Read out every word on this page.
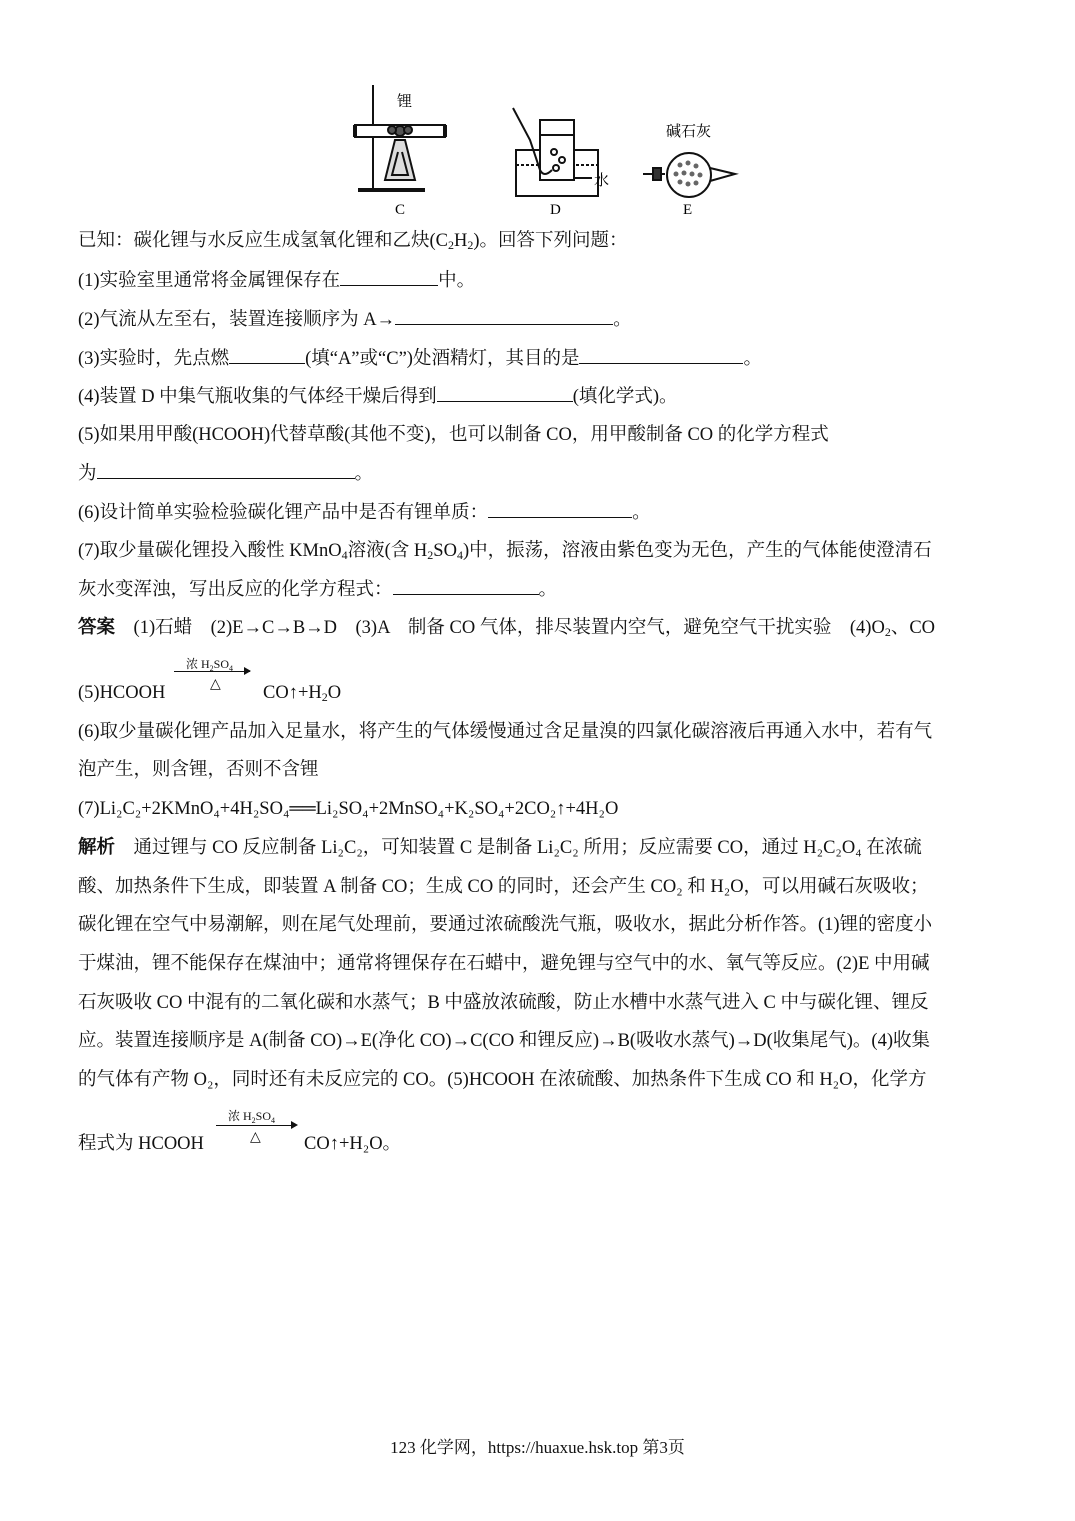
锂
C
水
D
碱石灰
E
已知：碳化锂与水反应生成氢氧化锂和乙炔$(C_2H_2)$。回答下列问题：
(1)实验室里通常将金属锂保存在	中。
(2)气流从左至右，装置连接顺序为 A→	。
(3)实验时，先点燃	(填“A”或“C”)处酒精灯，其目的是	。
(4)装置 D 中集气瓶收集的气体经干燥后得到	(填化学式)。
(5)如果用甲酸(HCOOH)代替草酸(其他不变)，也可以制备 CO，用甲酸制备 CO 的化学方程式
为	。
(6)设计简单实验检验碳化锂产品中是否有锂单质：	。
(7)取少量碳化锂投入酸性 KMnO$_4$溶液(含 $H_2SO_4$)中，振荡，溶液由紫色变为无色，产生的气体能使澄清石
灰水变浑浊，写出反应的化学方程式：	。
答案　 (1)石蜡　(2)E→C→B→D　(3)A　制备 CO 气体，排尽装置内空气，避免空气干扰实验　$(4)O_2$、CO
浓 $H_2SO_4$
△
(5)HCOOH	$CO↑+H_2O$
(6)取少量碳化锂产品加入足量水，将产生的气体缓慢通过含足量溴的四氯化碳溶液后再通入水中，若有气
泡产生，则含锂，否则不含锂
(7)Li₂C₂+2KMnO₄+4H₂SO₄══Li₂SO₄+2MnSO₄+K₂SO₄+2CO₂↑+4H₂O
解析　 通过锂与 CO 反应制备 Li₂C₂，可知装置 C 是制备 Li₂C₂ 所用；反应需要 CO，通过 H₂C₂O₄ 在浓硫
酸、加热条件下生成，即装置 A 制备 CO；生成 CO 的同时，还会产生 CO₂ 和 H₂O，可以用碱石灰吸收；
碳化锂在空气中易潮解，则在尾气处理前，要通过浓硫酸洗气瓶，吸收水，据此分析作答。(1)锂的密度小
于煤油，锂不能保存在煤油中；通常将锂保存在石蜡中，避免锂与空气中的水、氧气等反应。(2)E 中用碱
石灰吸收 CO 中混有的二氧化碳和水蒸气；B 中盛放浓硫酸，防止水槽中水蒸气进入 C 中与碳化锂、锂反
应。装置连接顺序是 A(制备 CO)→E(净化 CO)→C(CO 和锂反应)→B(吸收水蒸气)→D(收集尾气)。(4)收集
的气体有产物 O₂，同时还有未反应完的 CO。(5)HCOOH 在浓硫酸、加热条件下生成 CO 和 H₂O，化学方
浓 $H_2SO_4$
△
程式为 HCOOH	CO↑+H₂O。
123 化学网，https://huaxue.hsk.top 第3页
